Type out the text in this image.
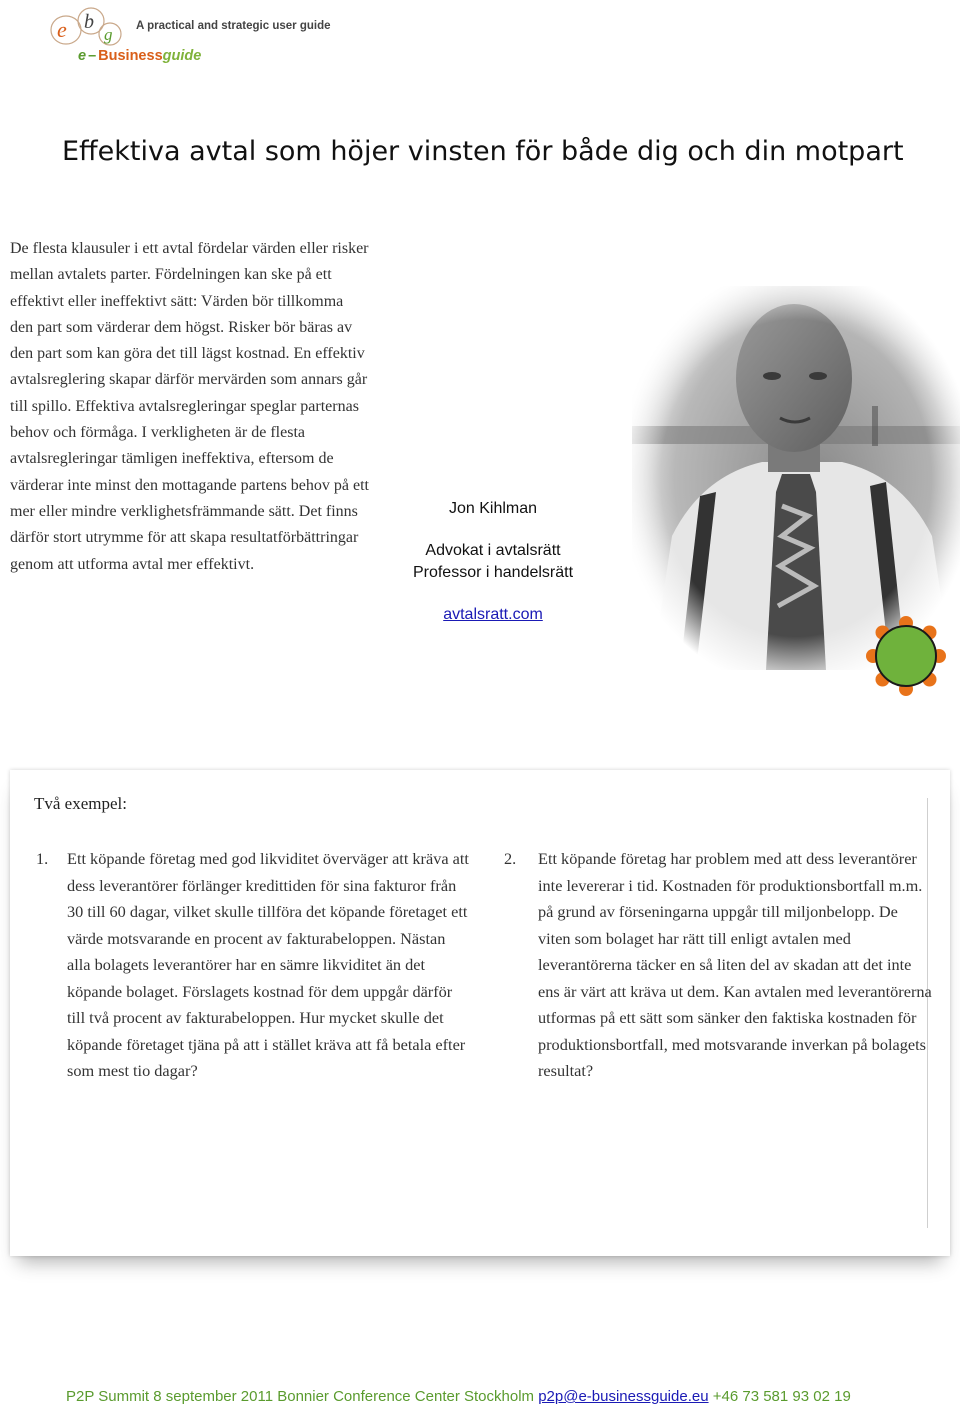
e b
g A practical and strategic user guide
e – Businessguide
Effektiva avtal som höjer vinsten för både dig och din motpart
De flesta klausuler i ett avtal fördelar värden eller risker mellan avtalets parter. Fördelningen kan ske på ett effektivt eller ineffektivt sätt: Värden bör tillkomma den part som värderar dem högst. Risker bör bäras av den part som kan göra det till lägst kostnad. En effektiv avtalsreglering skapar därför mervärden som annars går till spillo. Effektiva avtalsregleringar speglar parternas behov och förmåga. I verkligheten är de flesta avtalsregleringar tämligen ineffektiva, eftersom de värderar inte minst den mottagande partens behov på ett mer eller mindre verklighetsfrämmande sätt. Det finns därför stort utrymme för att skapa resultatförbättringar genom att utforma avtal mer effektivt.
Jon Kihlman
Advokat i avtalsrätt
Professor i handelsrätt
avtalsratt.com
Två exempel:
1. Ett köpande företag med god likviditet överväger att kräva att dess leverantörer förlänger kredittiden för sina fakturor från 30 till 60 dagar, vilket skulle tillföra det köpande företaget ett värde motsvarande en procent av fakturabeloppen. Nästan alla bolagets leverantörer har en sämre likviditet än det köpande bolaget. Förslagets kostnad för dem uppgår därför till två procent av fakturabeloppen. Hur mycket skulle det köpande företaget tjäna på att i stället kräva att få betala efter som mest tio dagar?
2. Ett köpande företag har problem med att dess leverantörer inte levererar i tid. Kostnaden för produktionsbortfall m.m. på grund av förseningarna uppgår till miljonbelopp. De viten som bolaget har rätt till enligt avtalen med leverantörerna täcker en så liten del av skadan att det inte ens är värt att kräva ut dem. Kan avtalen med leverantörerna utformas på ett sätt som sänker den faktiska kostnaden för produktionsbortfall, med motsvarande inverkan på bolagets resultat?
P2P Summit 8 september 2011 Bonnier Conference Center Stockholm p2p@e-businessguide.eu +46 73 581 93 02 19
